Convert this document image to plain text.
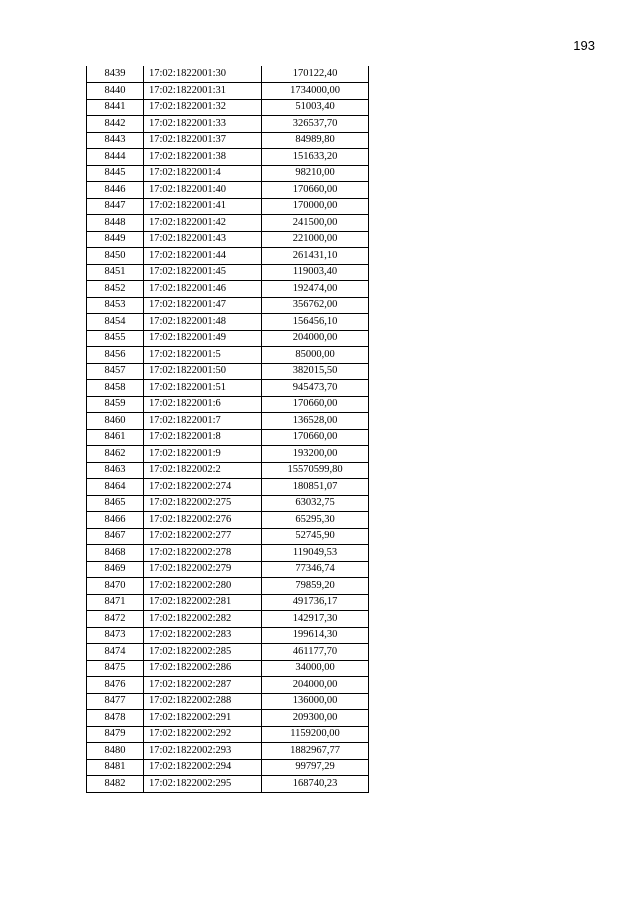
193
8439	17:02:1822001:30	170122,40
8440	17:02:1822001:31	1734000,00
8441	17:02:1822001:32	51003,40
8442	17:02:1822001:33	326537,70
8443	17:02:1822001:37	84989,80
8444	17:02:1822001:38	151633,20
8445	17:02:1822001:4	98210,00
8446	17:02:1822001:40	170660,00
8447	17:02:1822001:41	170000,00
8448	17:02:1822001:42	241500,00
8449	17:02:1822001:43	221000,00
8450	17:02:1822001:44	261431,10
8451	17:02:1822001:45	119003,40
8452	17:02:1822001:46	192474,00
8453	17:02:1822001:47	356762,00
8454	17:02:1822001:48	156456,10
8455	17:02:1822001:49	204000,00
8456	17:02:1822001:5	85000,00
8457	17:02:1822001:50	382015,50
8458	17:02:1822001:51	945473,70
8459	17:02:1822001:6	170660,00
8460	17:02:1822001:7	136528,00
8461	17:02:1822001:8	170660,00
8462	17:02:1822001:9	193200,00
8463	17:02:1822002:2	15570599,80
8464	17:02:1822002:274	180851,07
8465	17:02:1822002:275	63032,75
8466	17:02:1822002:276	65295,30
8467	17:02:1822002:277	52745,90
8468	17:02:1822002:278	119049,53
8469	17:02:1822002:279	77346,74
8470	17:02:1822002:280	79859,20
8471	17:02:1822002:281	491736,17
8472	17:02:1822002:282	142917,30
8473	17:02:1822002:283	199614,30
8474	17:02:1822002:285	461177,70
8475	17:02:1822002:286	34000,00
8476	17:02:1822002:287	204000,00
8477	17:02:1822002:288	136000,00
8478	17:02:1822002:291	209300,00
8479	17:02:1822002:292	1159200,00
8480	17:02:1822002:293	1882967,77
8481	17:02:1822002:294	99797,29
8482	17:02:1822002:295	168740,23
